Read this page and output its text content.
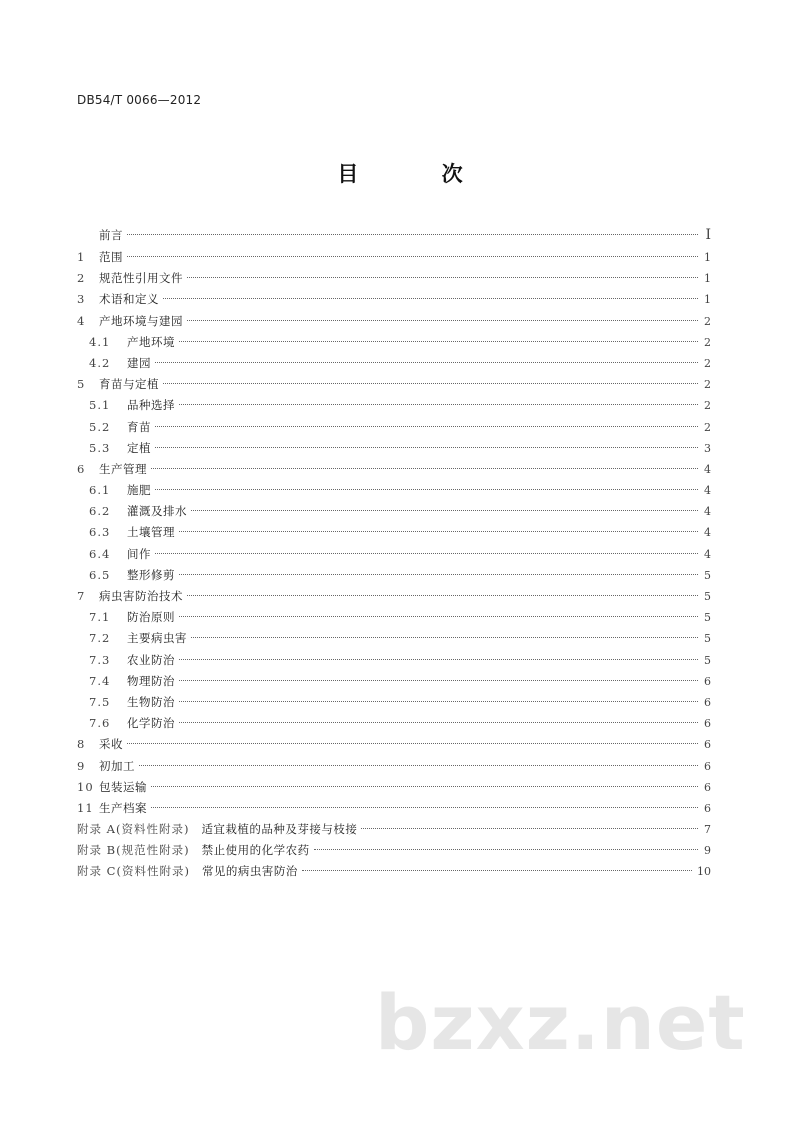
DB54/T 0066—2012
目 次
前言	Ⅰ
1	范围	1
2	规范性引用文件	1
3	术语和定义	1
4	产地环境与建园	2
4.1	产地环境	2
4.2	建园	2
5	育苗与定植	2
5.1	品种选择	2
5.2	育苗	2
5.3	定植	3
6	生产管理	4
6.1	施肥	4
6.2	灌溉及排水	4
6.3	土壤管理	4
6.4	间作	4
6.5	整形修剪	5
7	病虫害防治技术	5
7.1	防治原则	5
7.2	主要病虫害	5
7.3	农业防治	5
7.4	物理防治	6
7.5	生物防治	6
7.6	化学防治	6
8	采收	6
9	初加工	6
10 包装运输	6
11 生产档案	6
附录 A(资料性附录) 适宜栽植的品种及芽接与枝接	7
附录 B(规范性附录) 禁止使用的化学农药	9
附录 C(资料性附录) 常见的病虫害防治	10
bzxz.net
